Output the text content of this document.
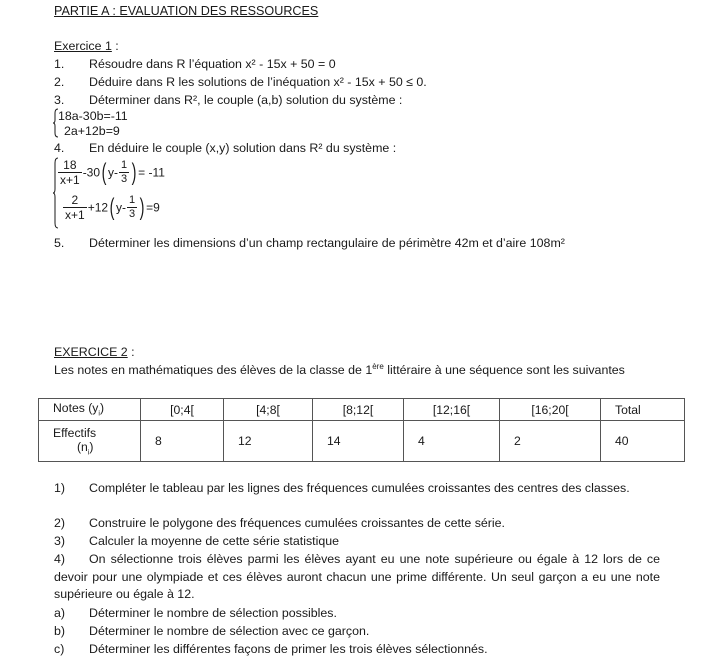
PARTIE A : EVALUATION DES RESSOURCES
Exercice 1 :
1. Résoudre dans R l’équation x² - 15x + 50 = 0
2. Déduire dans R les solutions de l’inéquation x² - 15x + 50 ≤ 0.
3. Déterminer dans R², le couple (a,b) solution du système :
18a-30b=-11
2a+12b=9
4. En déduire le couple (x,y) solution dans R² du système :
$\frac{18}{x+1} -30$( $y- \frac{1}{3}$ ) = -11
$\frac{2}{x+1} +12$( $y- \frac{1}{3}$ ) =9
5. Déterminer les dimensions d’un champ rectangulaire de périmètre 42m et d’aire 108m²
EXERCICE 2 :
Les notes en mathématiques des élèves de la classe de 1ère littéraire à une séquence sont les suivantes
Notes $(y_i)$	[0;4[	[4;8[	[8;12[	[12;16[	[16;20[	Total

Effectifs
$(n_i)$	8	12	14	4	2	40
1) Compléter le tableau par les lignes des fréquences cumulées croissantes des centres des classes.
2) Construire le polygone des fréquences cumulées croissantes de cette série.
3) Calculer la moyenne de cette série statistique
4) On sélectionne trois élèves parmi les élèves ayant eu une note supérieure ou égale à 12 lors de ce devoir pour une olympiade et ces élèves auront chacun une prime différente. Un seul garçon a eu une note supérieure ou égale à 12.
a) Déterminer le nombre de sélection possibles.
b) Déterminer le nombre de sélection avec ce garçon.
c) Déterminer les différentes façons de primer les trois élèves sélectionnés.
